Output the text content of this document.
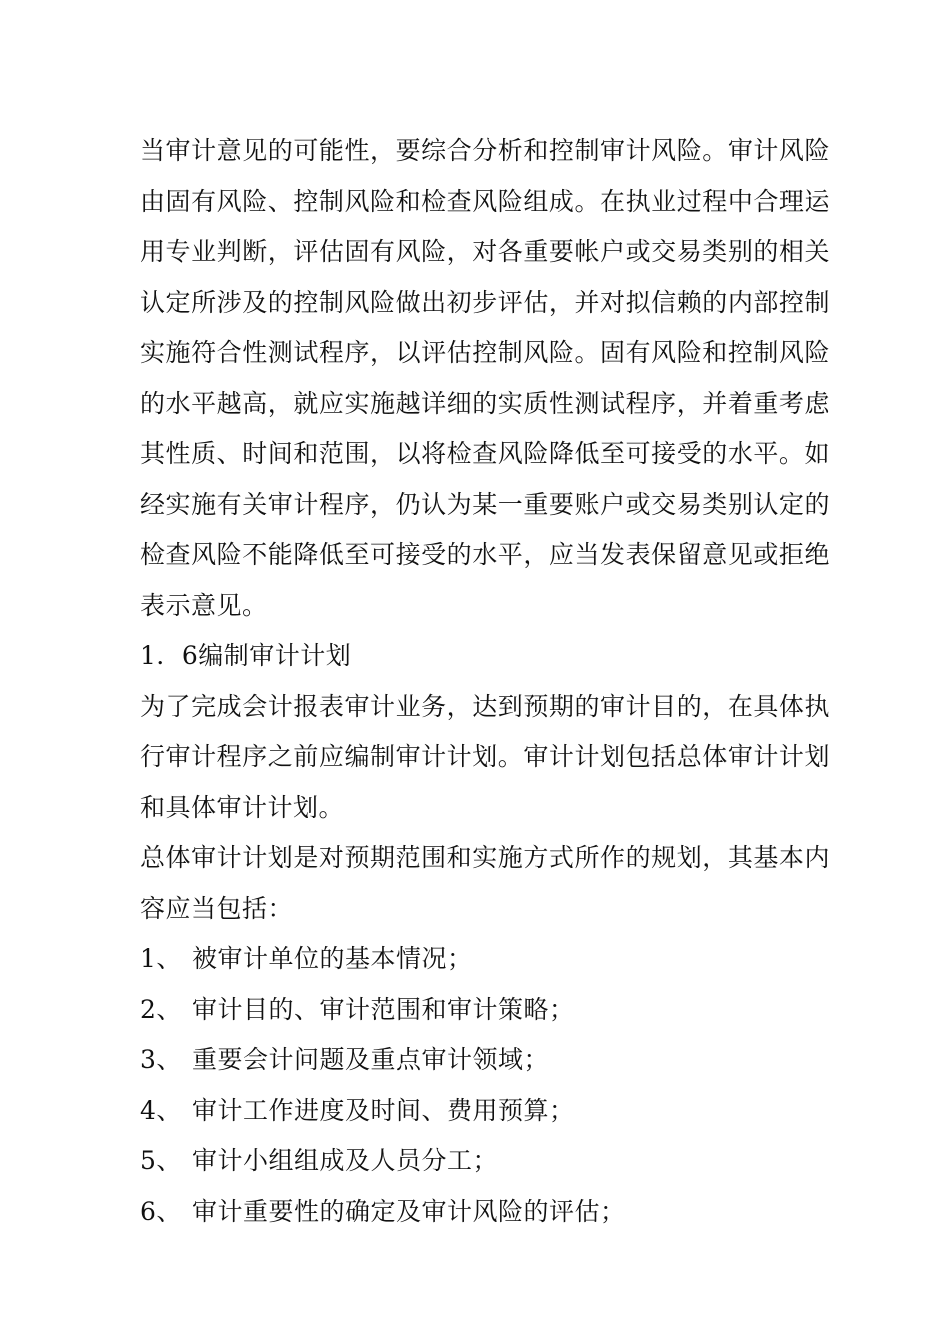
当审计意见的可能性，要综合分析和控制审计风险。审计风险由固有风险、控制风险和检查风险组成。在执业过程中合理运用专业判断，评估固有风险，对各重要帐户或交易类别的相关认定所涉及的控制风险做出初步评估，并对拟信赖的内部控制实施符合性测试程序，以评估控制风险。固有风险和控制风险的水平越高，就应实施越详细的实质性测试程序，并着重考虑其性质、时间和范围，以将检查风险降低至可接受的水平。如经实施有关审计程序，仍认为某一重要账户或交易类别认定的检查风险不能降低至可接受的水平，应当发表保留意见或拒绝表示意见。

1．6编制审计计划

为了完成会计报表审计业务，达到预期的审计目的，在具体执行审计程序之前应编制审计计划。审计计划包括总体审计计划和具体审计计划。

总体审计计划是对预期范围和实施方式所作的规划，其基本内容应当包括：

1、 被审计单位的基本情况；
2、 审计目的、审计范围和审计策略；
3、 重要会计问题及重点审计领域；
4、 审计工作进度及时间、费用预算；
5、 审计小组组成及人员分工；
6、 审计重要性的确定及审计风险的评估；
